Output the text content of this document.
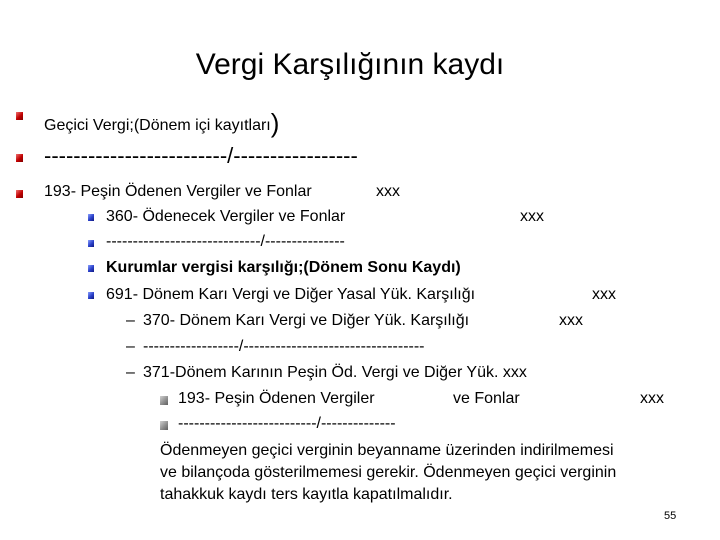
Vergi Karşılığının kaydı
Geçici Vergi;(Dönem içi kayıtları)
-------------------------/-----------------
193- Peşin Ödenen Vergiler ve Fonlar	xxx
360- Ödenecek Vergiler ve Fonlar	xxx
-----------------------------/---------------
Kurumlar vergisi karşılığı;(Dönem Sonu Kaydı)
691- Dönem Karı Vergi ve Diğer Yasal Yük. Karşılığı	xxx
– 370- Dönem Karı Vergi ve Diğer Yük. Karşılığı	xxx
– ------------------/----------------------------------
– 371-Dönem Karının Peşin Öd. Vergi ve Diğer Yük. xxx
193- Peşin Ödenen Vergiler	ve Fonlar	xxx
--------------------------/--------------
Ödenmeyen geçici verginin beyanname üzerinden indirilmemesi
ve bilançoda gösterilmemesi gerekir. Ödenmeyen geçici verginin
tahakkuk kaydı ters kayıtla kapatılmalıdır.
55
